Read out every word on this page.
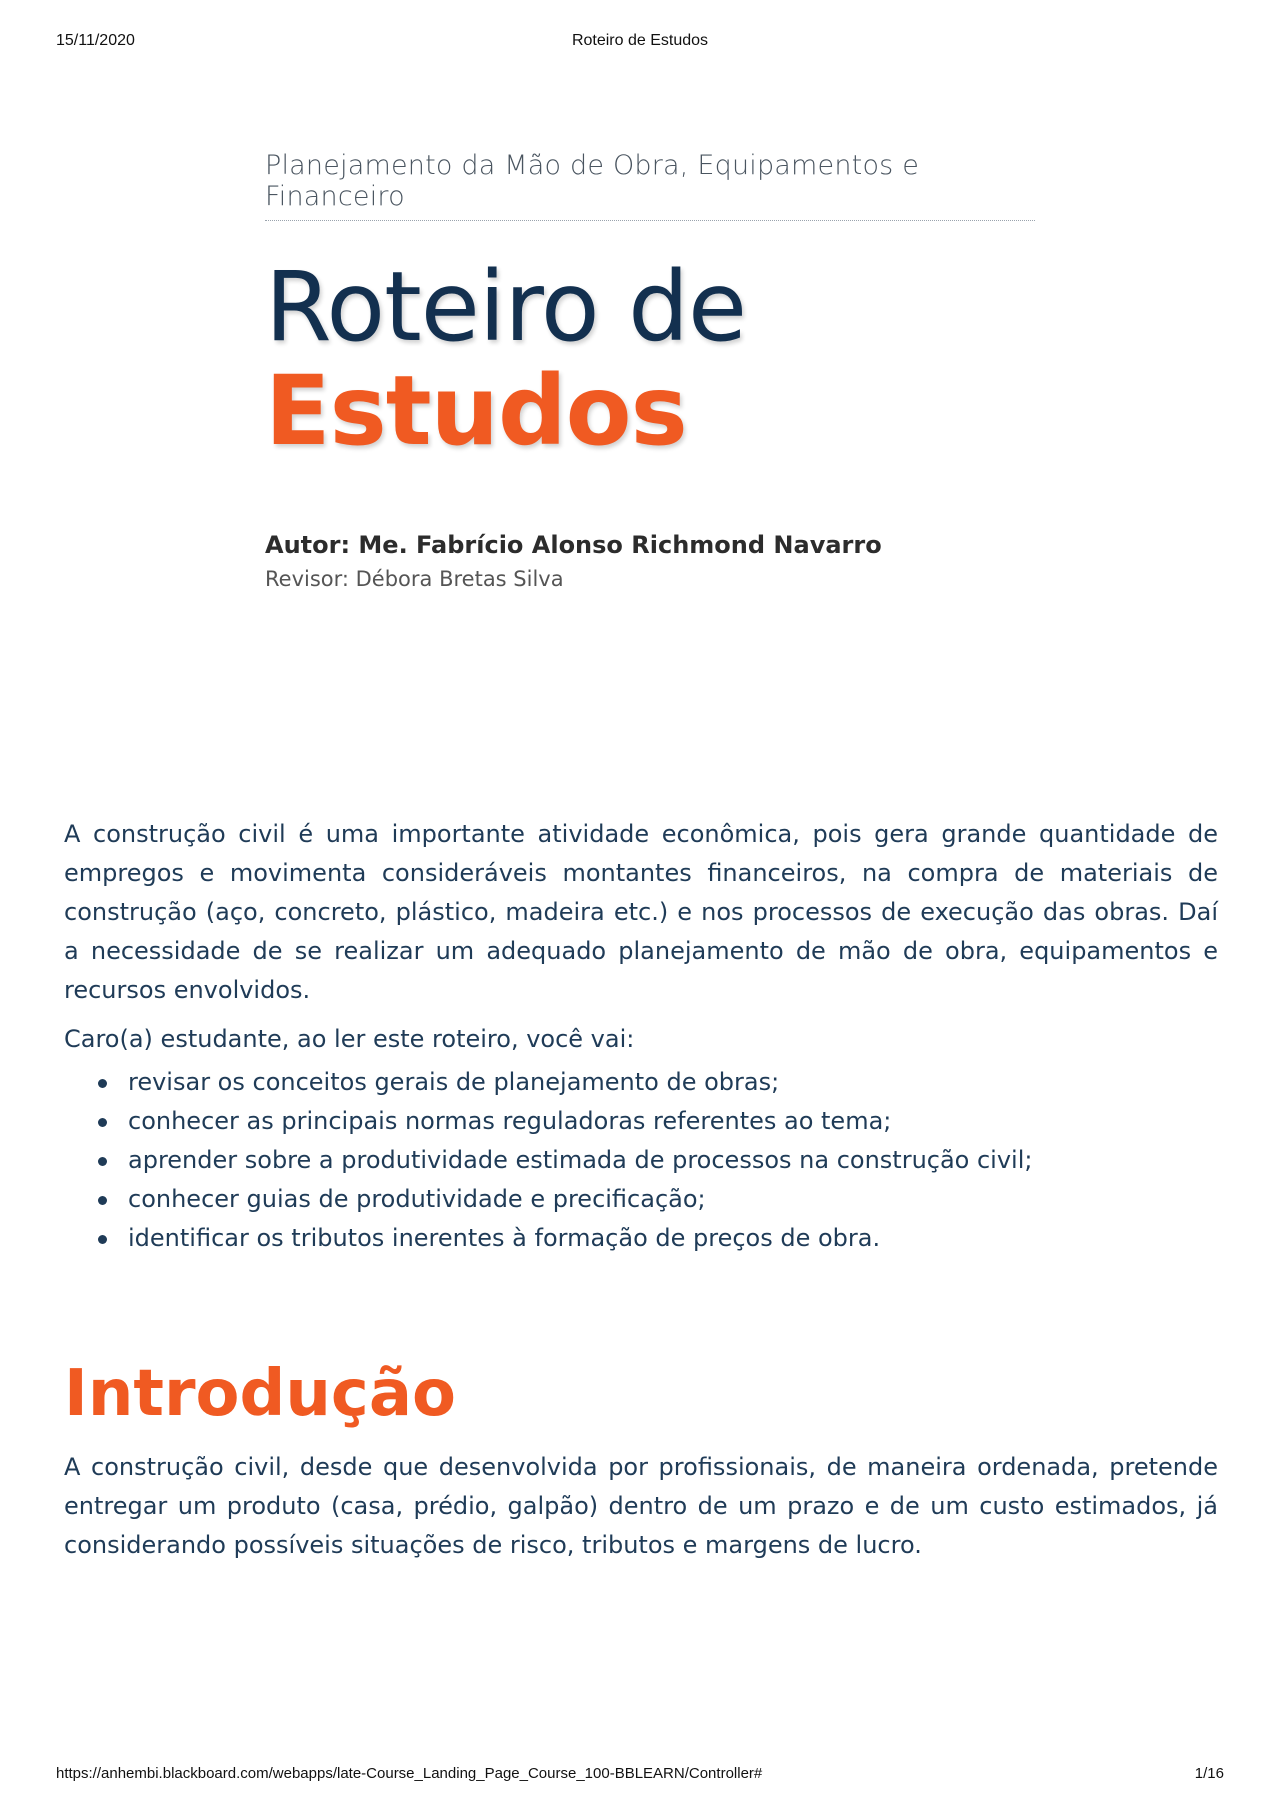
15/11/2020	Roteiro de Estudos
Planejamento da Mão de Obra, Equipamentos e Financeiro
Roteiro de
Estudos
Autor: Me. Fabrício Alonso Richmond Navarro
Revisor: Débora Bretas Silva

A construção civil é uma importante atividade econômica, pois gera grande quantidade de empregos e movimenta consideráveis montantes financeiros, na compra de materiais de construção (aço, concreto, plástico, madeira etc.) e nos processos de execução das obras. Daí a necessidade de se realizar um adequado planejamento de mão de obra, equipamentos e recursos envolvidos.

Caro(a) estudante, ao ler este roteiro, você vai:

revisar os conceitos gerais de planejamento de obras;
conhecer as principais normas reguladoras referentes ao tema;
aprender sobre a produtividade estimada de processos na construção civil;
conhecer guias de produtividade e precificação;
identificar os tributos inerentes à formação de preços de obra.
Introdução

A construção civil, desde que desenvolvida por profissionais, de maneira ordenada, pretende entregar um produto (casa, prédio, galpão) dentro de um prazo e de um custo estimados, já considerando possíveis situações de risco, tributos e margens de lucro.

https://anhembi.blackboard.com/webapps/late-Course_Landing_Page_Course_100-BBLEARN/Controller#	1/16
